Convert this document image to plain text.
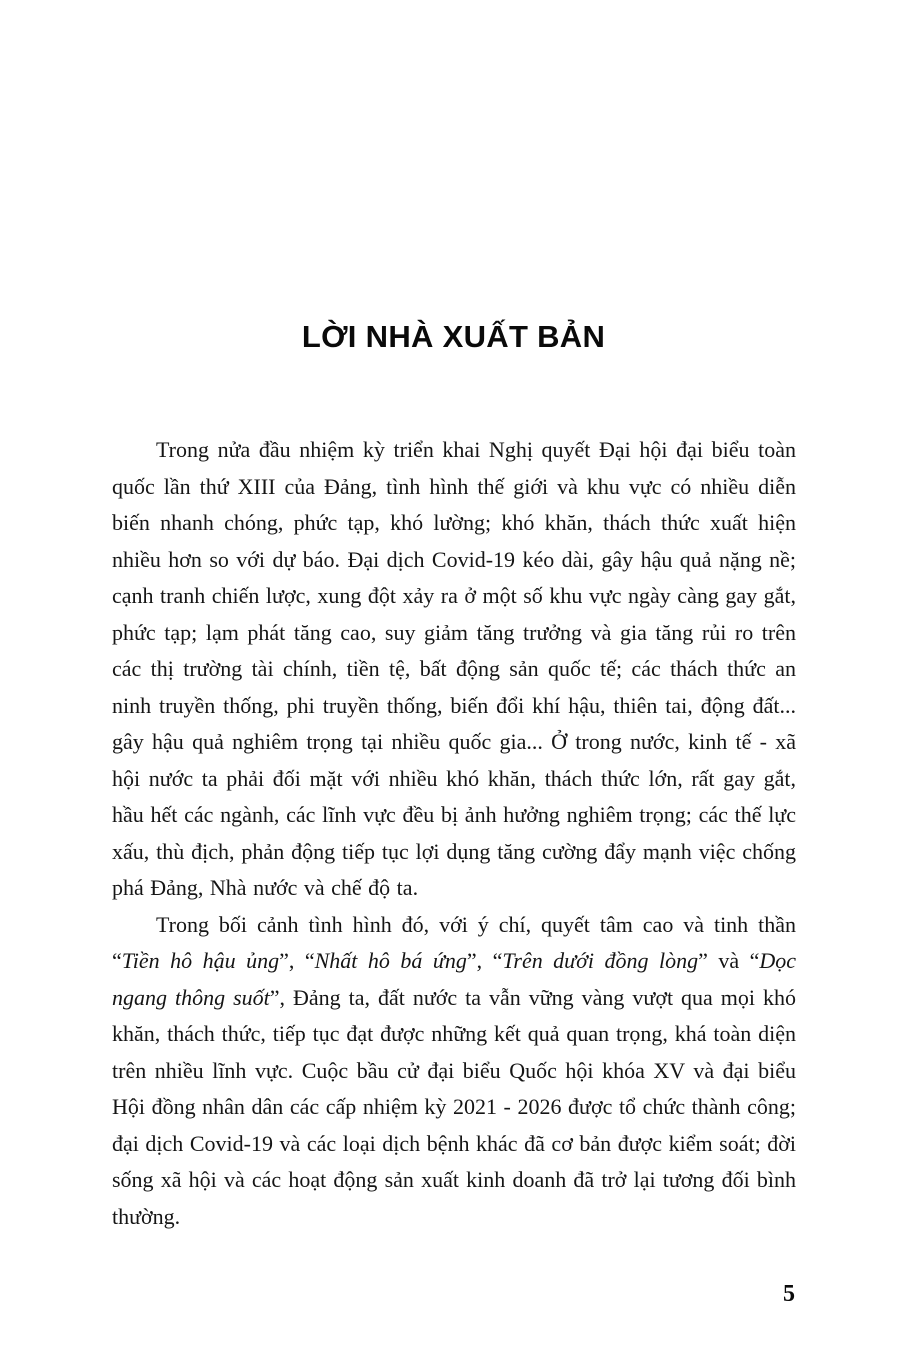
LỜI NHÀ XUẤT BẢN

Trong nửa đầu nhiệm kỳ triển khai Nghị quyết Đại hội đại biểu toàn quốc lần thứ XIII của Đảng, tình hình thế giới và khu vực có nhiều diễn biến nhanh chóng, phức tạp, khó lường; khó khăn, thách thức xuất hiện nhiều hơn so với dự báo. Đại dịch Covid-19 kéo dài, gây hậu quả nặng nề; cạnh tranh chiến lược, xung đột xảy ra ở một số khu vực ngày càng gay gắt, phức tạp; lạm phát tăng cao, suy giảm tăng trưởng và gia tăng rủi ro trên các thị trường tài chính, tiền tệ, bất động sản quốc tế; các thách thức an ninh truyền thống, phi truyền thống, biến đổi khí hậu, thiên tai, động đất... gây hậu quả nghiêm trọng tại nhiều quốc gia... Ở trong nước, kinh tế - xã hội nước ta phải đối mặt với nhiều khó khăn, thách thức lớn, rất gay gắt, hầu hết các ngành, các lĩnh vực đều bị ảnh hưởng nghiêm trọng; các thế lực xấu, thù địch, phản động tiếp tục lợi dụng tăng cường đẩy mạnh việc chống phá Đảng, Nhà nước và chế độ ta.

Trong bối cảnh tình hình đó, với ý chí, quyết tâm cao và tinh thần “Tiền hô hậu ủng”, “Nhất hô bá ứng”, “Trên dưới đồng lòng” và “Dọc ngang thông suốt”, Đảng ta, đất nước ta vẫn vững vàng vượt qua mọi khó khăn, thách thức, tiếp tục đạt được những kết quả quan trọng, khá toàn diện trên nhiều lĩnh vực. Cuộc bầu cử đại biểu Quốc hội khóa XV và đại biểu Hội đồng nhân dân các cấp nhiệm kỳ 2021 - 2026 được tổ chức thành công; đại dịch Covid-19 và các loại dịch bệnh khác đã cơ bản được kiểm soát; đời sống xã hội và các hoạt động sản xuất kinh doanh đã trở lại tương đối bình thường.

5
